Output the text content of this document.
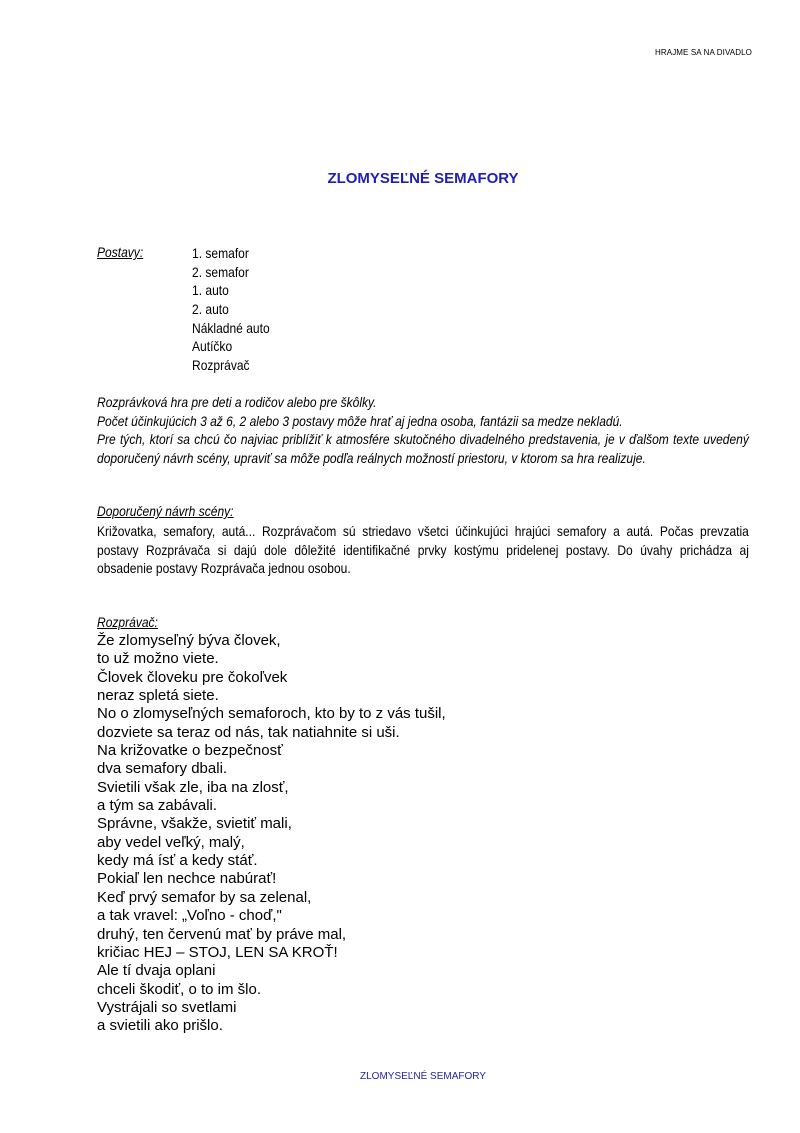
HRAJME SA NA DIVADLO
ZLOMYSEĽNÉ SEMAFORY
Postavy:	1. semafor
2. semafor
1. auto
2. auto
Nákladné auto
Autíčko
Rozprávač

Rozprávková hra pre deti a rodičov alebo pre škôlky.

Počet účinkujúcich 3 až 6, 2 alebo 3 postavy môže hrať aj jedna osoba, fantázii sa medze nekladú.

Pre tých, ktorí sa chcú čo najviac priblížiť k atmosfére skutočného divadelného predstavenia, je v ďalšom texte uvedený doporučený návrh scény, upraviť sa môže podľa reálnych možností priestoru, v ktorom sa hra realizuje.

Doporučený návrh scény:

Križovatka, semafory, autá... Rozprávačom sú striedavo všetci účinkujúci hrajúci semafory a autá. Počas prevzatia postavy Rozprávača si dajú dole dôležité identifikačné prvky kostýmu pridelenej postavy. Do úvahy prichádza aj obsadenie postavy Rozprávača jednou osobou.

Rozprávač:
Že zlomyseľný býva človek,
to už možno viete.
Človek človeku pre čokoľvek
neraz spletá siete.
No o zlomyseľných semaforoch, kto by to z vás tušil,
dozviete sa teraz od nás, tak natiahnite si uši.
Na križovatke o bezpečnosť
dva semafory dbali.
Svietili však zle, iba na zlosť,
a tým sa zabávali.
Správne, všakže, svietiť mali,
aby vedel veľký, malý,
kedy má ísť a kedy stáť.
Pokiaľ len nechce nabúrať!
Keď prvý semafor by sa zelenal,
a tak vravel: „Voľno - choď,"
druhý, ten červenú mať by práve mal,
kričiac HEJ – STOJ, LEN SA KROŤ!
Ale tí dvaja oplani
chceli škodiť, o to im šlo.
Vystrájali so svetlami
a svietili ako prišlo.
ZLOMYSEĽNÉ SEMAFORY
